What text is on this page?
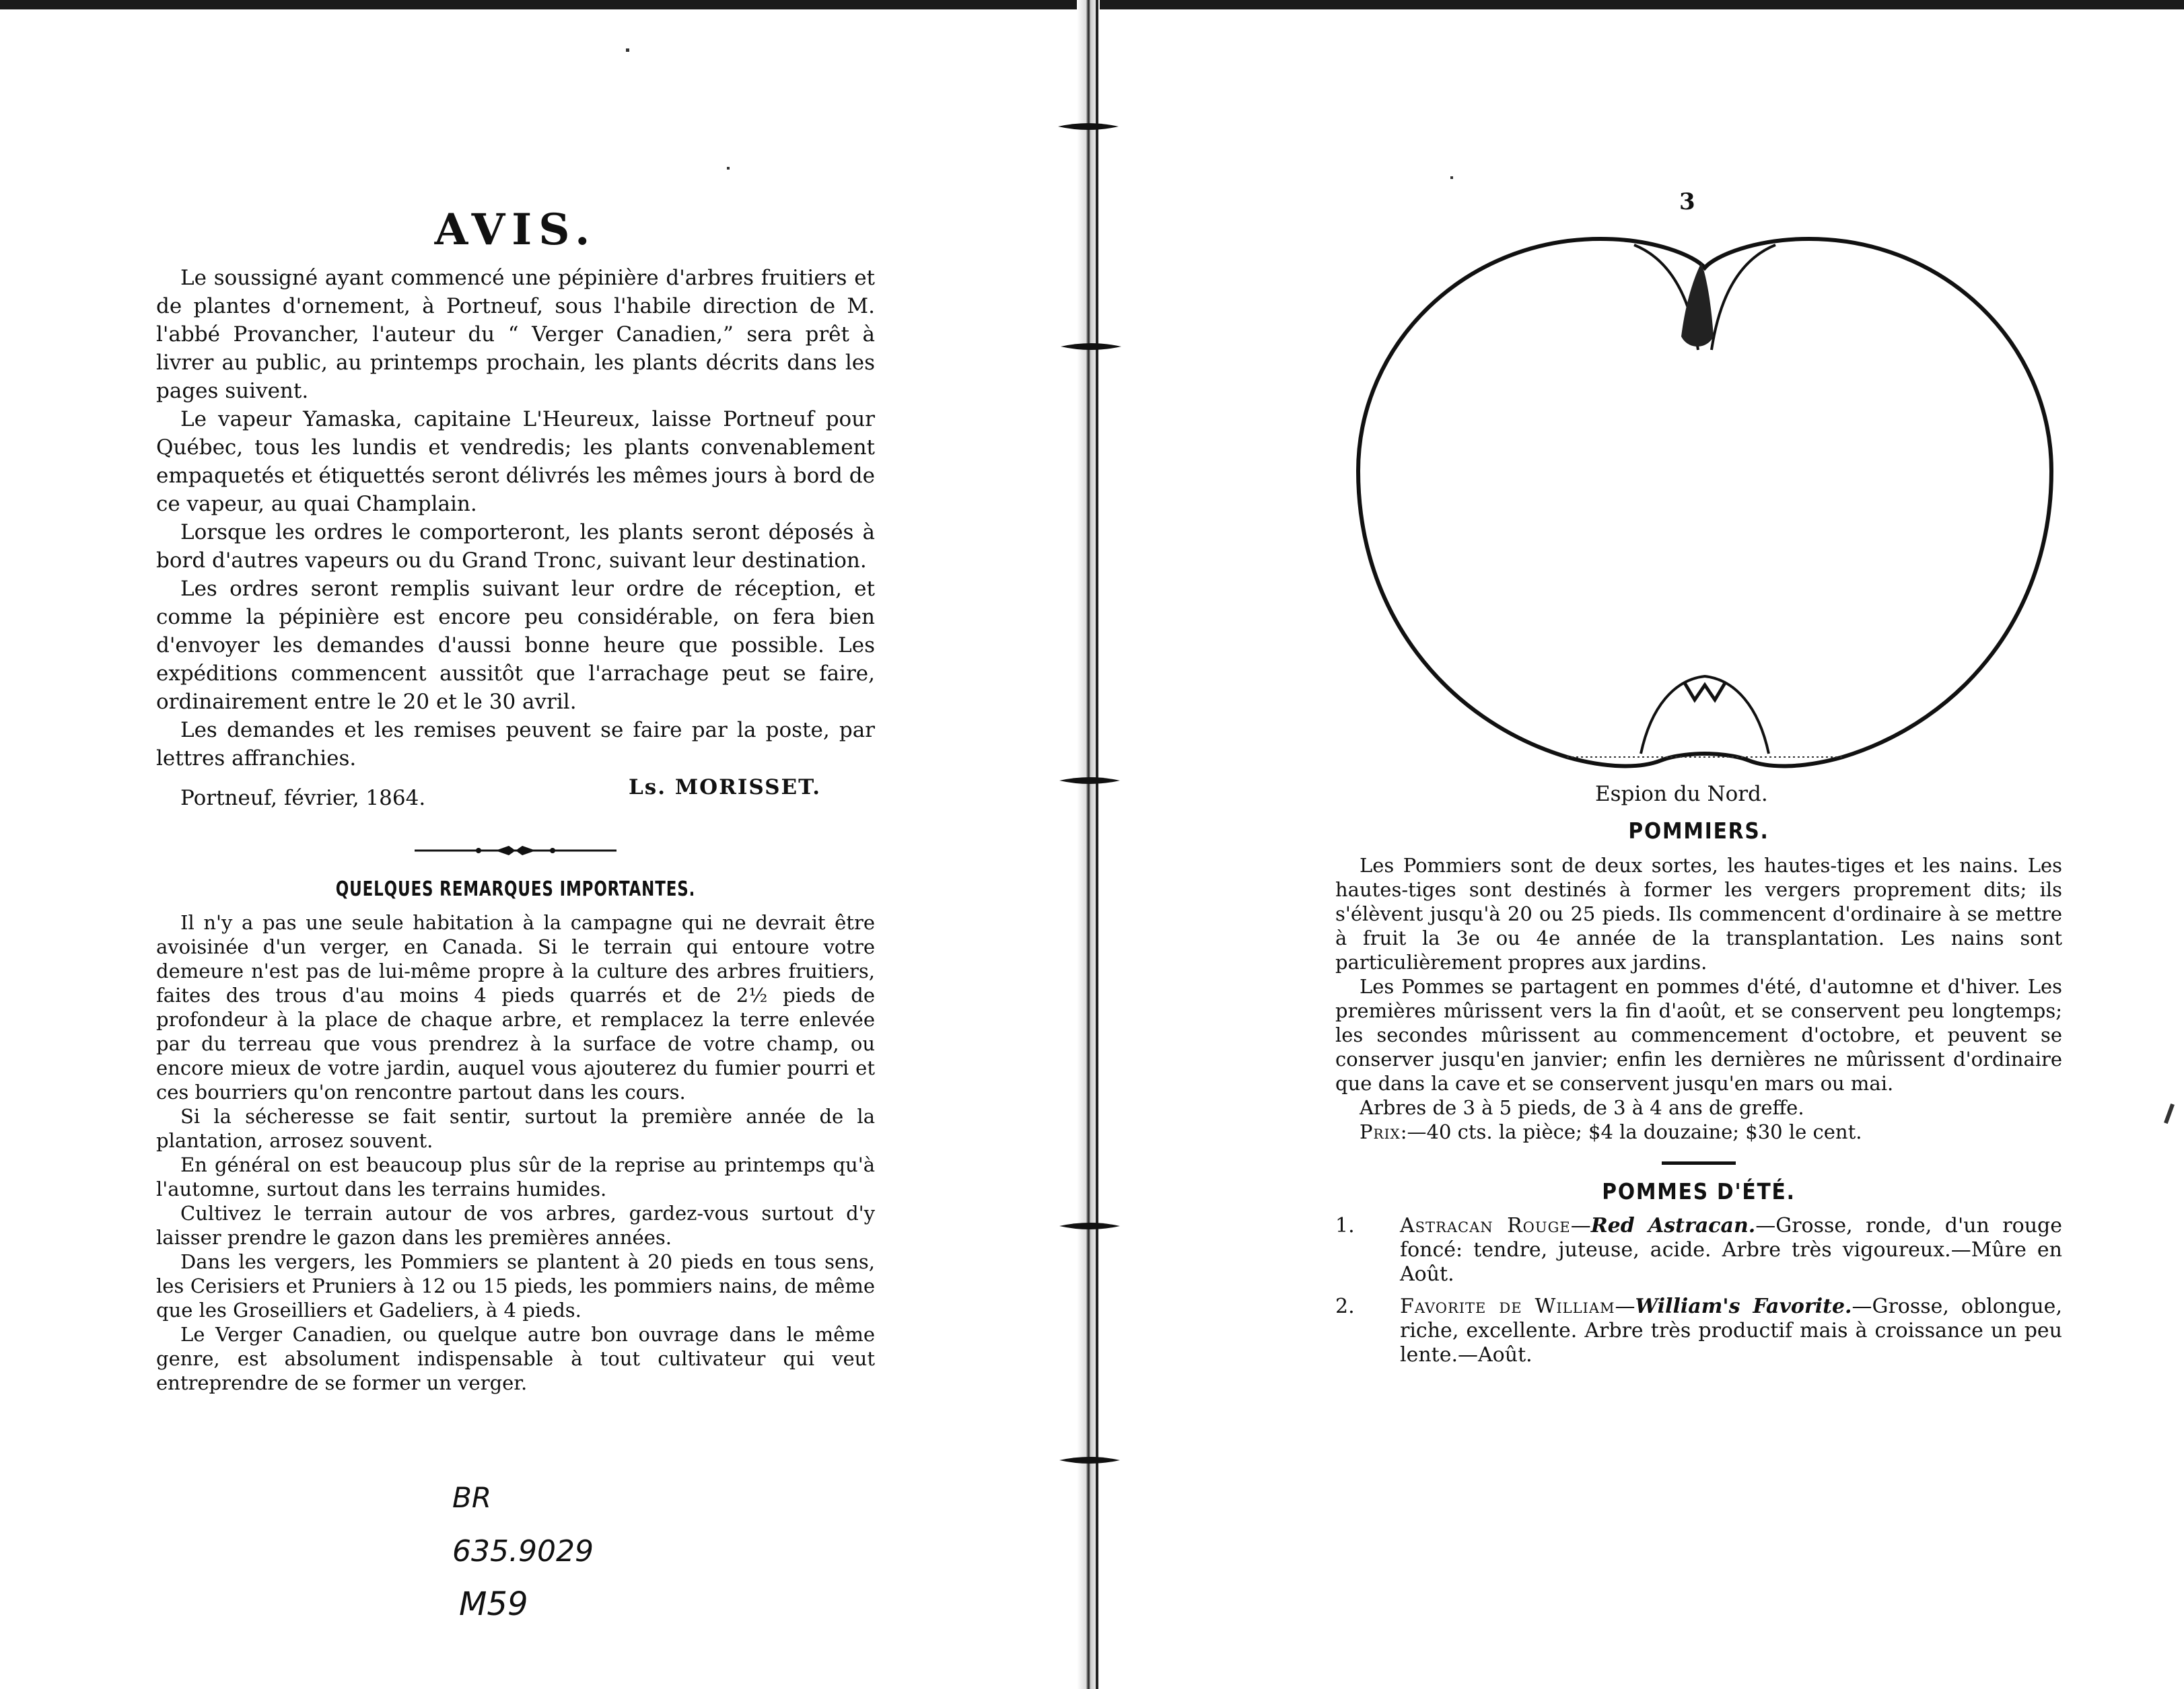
AVIS.

Le soussigné ayant commencé une pépinière d'arbres fruitiers et de plantes d'ornement, à Portneuf, sous l'habile direction de M. l'abbé Provancher, l'auteur du “ Verger Canadien,” sera prêt à livrer au public, au printemps prochain, les plants décrits dans les pages suivent.

Le vapeur Yamaska, capitaine L'Heureux, laisse Portneuf pour Québec, tous les lundis et vendredis; les plants convenablement empaquetés et étiquettés seront délivrés les mêmes jours à bord de ce vapeur, au quai Champlain.

Lorsque les ordres le comporteront, les plants seront déposés à bord d'autres vapeurs ou du Grand Tronc, suivant leur destination.

Les ordres seront remplis suivant leur ordre de réception, et comme la pépinière est encore peu considérable, on fera bien d'envoyer les demandes d'aussi bonne heure que possible. Les expéditions commencent aussitôt que l'arrachage peut se faire, ordinairement entre le 20 et le 30 avril.

Les demandes et les remises peuvent se faire par la poste, par lettres affranchies.

Portneuf, février, 1864.	Ls. MORISSET.
QUELQUES REMARQUES IMPORTANTES.

Il n'y a pas une seule habitation à la campagne qui ne devrait être avoisinée d'un verger, en Canada. Si le terrain qui entoure votre demeure n'est pas de lui-même propre à la culture des arbres fruitiers, faites des trous d'au moins 4 pieds quarrés et de 2½ pieds de profondeur à la place de chaque arbre, et remplacez la terre enlevée par du terreau que vous prendrez à la surface de votre champ, ou encore mieux de votre jardin, auquel vous ajouterez du fumier pourri et ces bourriers qu'on rencontre partout dans les cours.

Si la sécheresse se fait sentir, surtout la première année de la plantation, arrosez souvent.

En général on est beaucoup plus sûr de la reprise au printemps qu'à l'automne, surtout dans les terrains humides.

Cultivez le terrain autour de vos arbres, gardez-vous surtout d'y laisser prendre le gazon dans les premières années.

Dans les vergers, les Pommiers se plantent à 20 pieds en tous sens, les Cerisiers et Pruniers à 12 ou 15 pieds, les pommiers nains, de même que les Groseilliers et Gadeliers, à 4 pieds.

Le Verger Canadien, ou quelque autre bon ouvrage dans le même genre, est absolument indispensable à tout cultivateur qui veut entreprendre de se former un verger.

BR
635.9029
M59
3
Espion du Nord.
POMMIERS.

Les Pommiers sont de deux sortes, les hautes-tiges et les nains. Les hautes-tiges sont destinés à former les vergers proprement dits; ils s'élèvent jusqu'à 20 ou 25 pieds. Ils commencent d'ordinaire à se mettre à fruit la 3e ou 4e année de la transplantation. Les nains sont particulièrement propres aux jardins.

Les Pommes se partagent en pommes d'été, d'automne et d'hiver. Les premières mûrissent vers la fin d'août, et se conservent peu longtemps; les secondes mûrissent au commencement d'octobre, et peuvent se conserver jusqu'en janvier; enfin les dernières ne mûrissent d'ordinaire que dans la cave et se conservent jusqu'en mars ou mai.

Arbres de 3 à 5 pieds, de 3 à 4 ans de greffe.

Prix:—40 cts. la pièce; $4 la douzaine; $30 le cent.

POMMES D'ÉTÉ.
1. Astracan Rouge—Red Astracan.—Grosse, ronde, d'un rouge foncé: tendre, juteuse, acide. Arbre très vigoureux.—Mûre en Août.
2. Favorite de William—William's Favorite.—Grosse, oblongue, riche, excellente. Arbre très productif mais à croissance un peu lente.—Août.
